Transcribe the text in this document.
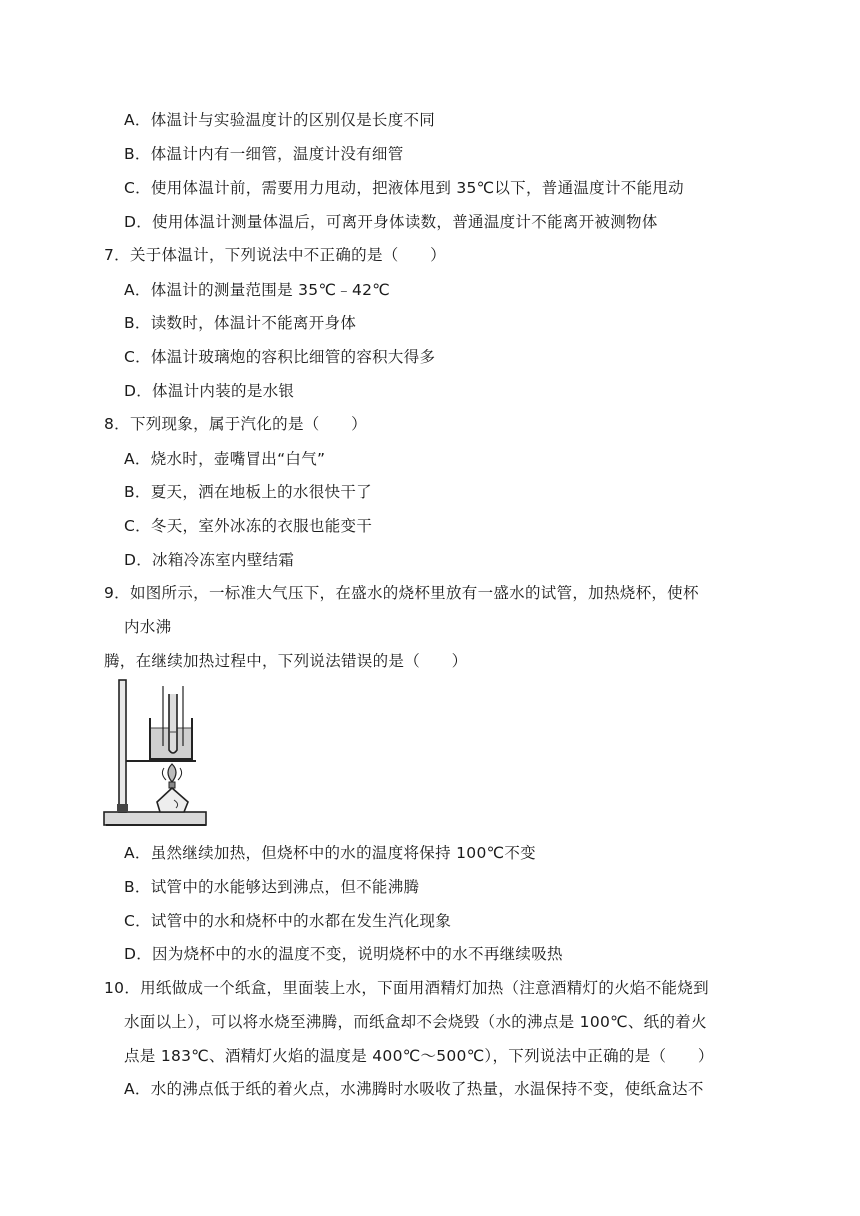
A．体温计与实验温度计的区别仅是长度不同
B．体温计内有一细管，温度计没有细管
C．使用体温计前，需要用力甩动，把液体甩到 35℃以下，普通温度计不能甩动
D．使用体温计测量体温后，可离开身体读数，普通温度计不能离开被测物体
7．关于体温计，下列说法中不正确的是（　　）
A．体温计的测量范围是 35℃﹣42℃
B．读数时，体温计不能离开身体
C．体温计玻璃炮的容积比细管的容积大得多
D．体温计内装的是水银
8．下列现象，属于汽化的是（　　）
A．烧水时，壶嘴冒出“白气”
B．夏天，洒在地板上的水很快干了
C．冬天，室外冰冻的衣服也能变干
D．冰箱冷冻室内壁结霜
9．如图所示，一标准大气压下，在盛水的烧杯里放有一盛水的试管，加热烧杯，使杯
内水沸
腾，在继续加热过程中，下列说法错误的是（　　）
A．虽然继续加热，但烧杯中的水的温度将保持 100℃不变
B．试管中的水能够达到沸点，但不能沸腾
C．试管中的水和烧杯中的水都在发生汽化现象
D．因为烧杯中的水的温度不变，说明烧杯中的水不再继续吸热
10．用纸做成一个纸盒，里面装上水，下面用酒精灯加热（注意酒精灯的火焰不能烧到
水面以上），可以将水烧至沸腾，而纸盒却不会烧毁（水的沸点是 100℃、纸的着火
点是 183℃、酒精灯火焰的温度是 400℃～500℃），下列说法中正确的是（　　）
A．水的沸点低于纸的着火点，水沸腾时水吸收了热量，水温保持不变，使纸盒达不
